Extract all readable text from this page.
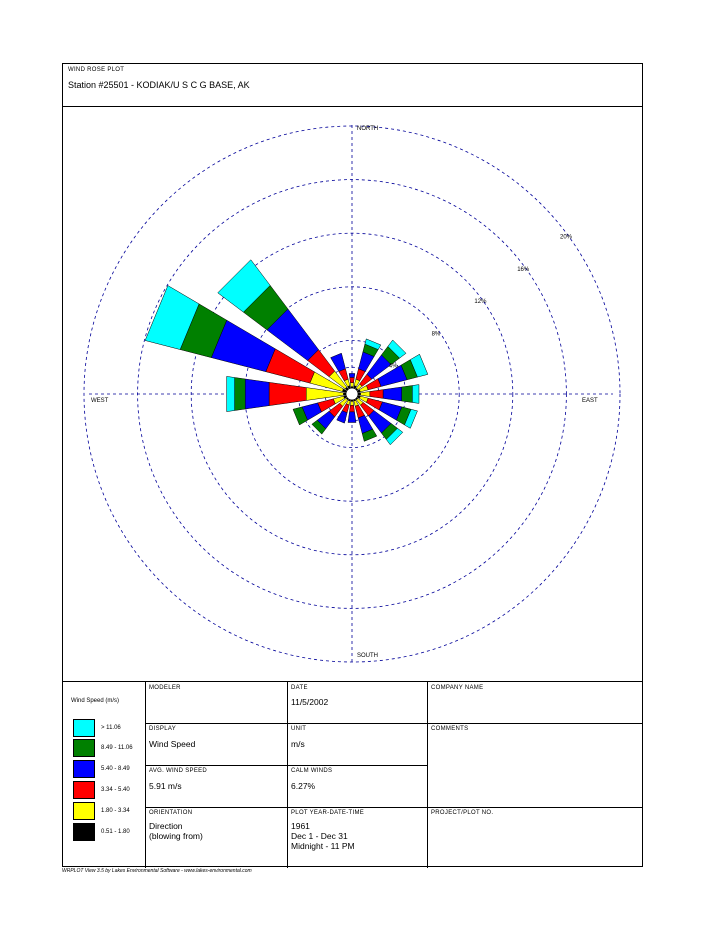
WIND ROSE PLOT
Station #25501 - KODIAK/U S C G BASE, AK
NORTH
SOUTH
EAST
WEST
4%
8%
12%
16%
20%
Wind Speed (m/s)
> 11.06
8.49 - 11.06
5.40 - 8.49
3.34 - 5.40
1.80 - 3.34
0.51 - 1.80
MODELER	DATE
11/5/2002
COMPANY NAME
DISPLAY
Wind Speed
UNIT
m/s
COMMENTS
AVG. WIND SPEED
5.91 m/s
CALM WINDS
6.27%
ORIENTATION
Direction
(blowing from)
PLOT YEAR-DATE-TIME
1961
Dec 1 - Dec 31
Midnight - 11 PM
PROJECT/PLOT NO.
WRPLOT View 3.5 by Lakes Environmental Software - www.lakes-environmental.com
